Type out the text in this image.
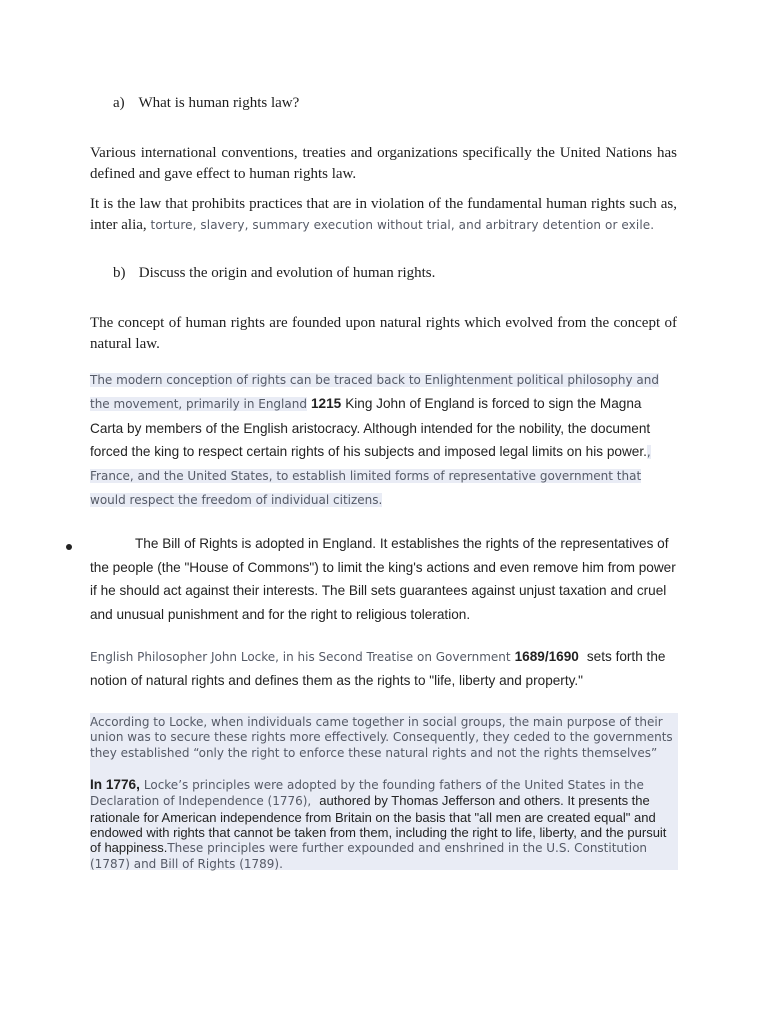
a) What is human rights law?
Various international conventions, treaties and organizations specifically the United Nations has defined and gave effect to human rights law.
It is the law that prohibits practices that are in violation of the fundamental human rights such as, inter alia, torture, slavery, summary execution without trial, and arbitrary detention or exile.
b) Discuss the origin and evolution of human rights.
The concept of human rights are founded upon natural rights which evolved from the concept of natural law.
The modern conception of rights can be traced back to Enlightenment political philosophy and the movement, primarily in England 1215 King John of England is forced to sign the Magna Carta by members of the English aristocracy. Although intended for the nobility, the document forced the king to respect certain rights of his subjects and imposed legal limits on his power., France, and the United States, to establish limited forms of representative government that would respect the freedom of individual citizens.
The Bill of Rights is adopted in England. It establishes the rights of the representatives of the people (the "House of Commons") to limit the king's actions and even remove him from power if he should act against their interests. The Bill sets guarantees against unjust taxation and cruel and unusual punishment and for the right to religious toleration.
English Philosopher John Locke, in his Second Treatise on Government 1689/1690 sets forth the notion of natural rights and defines them as the rights to "life, liberty and property."
According to Locke, when individuals came together in social groups, the main purpose of their union was to secure these rights more effectively. Consequently, they ceded to the governments they established “only the right to enforce these natural rights and not the rights themselves”
In 1776, Locke’s principles were adopted by the founding fathers of the United States in the Declaration of Independence (1776), authored by Thomas Jefferson and others. It presents the rationale for American independence from Britain on the basis that "all men are created equal" and endowed with rights that cannot be taken from them, including the right to life, liberty, and the pursuit of happiness.These principles were further expounded and enshrined in the U.S. Constitution (1787) and Bill of Rights (1789).
